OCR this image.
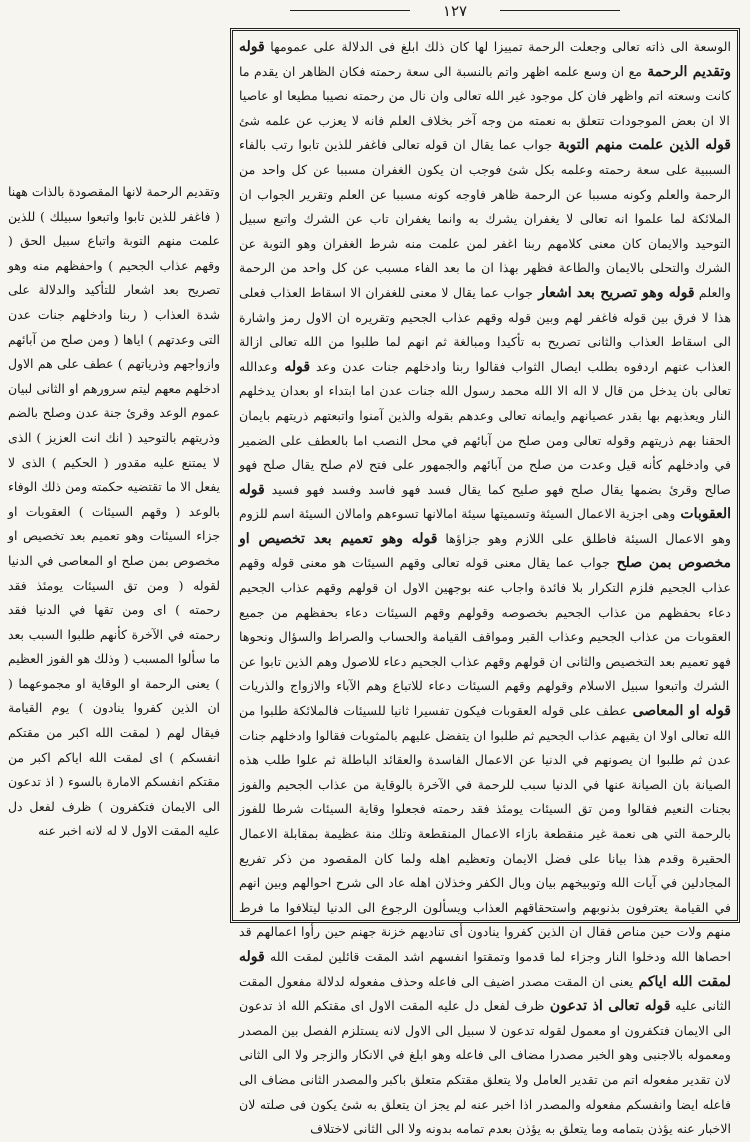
١٢٧

الوسعة الى ذاته تعالى وجعلت الرحمة تمييزا لها كان ذلك ابلغ فى الدلالة على عمومها قوله وتقديم الرحمة مع ان وسع علمه اظهر واتم بالنسبة الى سعة رحمته فكان الظاهر ان يقدم ما كانت وسعته اتم واظهر فان كل موجود غير الله تعالى وان نال من رحمته نصيبا مطيعا او عاصيا الا ان بعض الموجودات تتعلق به نعمته من وجه آخر بخلاف العلم فانه لا يعزب عن علمه شئ قوله الذين علمت منهم التوبة جواب عما يقال ان قوله تعالى فاغفر للذين تابوا رتب بالفاء السببية على سعة رحمته وعلمه بكل شئ فوجب ان يكون الغفران مسببا عن كل واحد من الرحمة والعلم وكونه مسببا عن الرحمة ظاهر فاوجه كونه مسببا عن العلم وتقرير الجواب ان الملائكة لما علموا انه تعالى لا يغفران يشرك به وانما يغفران تاب عن الشرك واتبع سبيل التوحيد والايمان كان معنى كلامهم ربنا اغفر لمن علمت منه شرط الغفران وهو التوبة عن الشرك والتحلى بالايمان والطاعة فظهر بهذا ان ما بعد الفاء مسبب عن كل واحد من الرحمة والعلم قوله وهو تصريح بعد اشعار جواب عما يقال لا معنى للغفران الا اسقاط العذاب فعلى هذا لا فرق بين قوله فاغفر لهم وبين قوله وقهم عذاب الجحيم وتقريره ان الاول رمز واشارة الى اسقاط العذاب والثانى تصريح به تأكيدا ومبالغة ثم انهم لما طلبوا من الله تعالى ازالة العذاب عنهم اردفوه بطلب ايصال الثواب فقالوا ربنا وادخلهم جنات عدن وعد قوله وعدالله تعالى بان يدخل من قال لا اله الا الله محمد رسول الله جنات عدن اما ابتداء او بعدان يدخلهم النار ويعذبهم بها بقدر عصيانهم وايمانه تعالى وعدهم بقوله والذين آمنوا واتبعتهم ذريتهم بايمان الحقنا بهم ذريتهم وقوله تعالى ومن صلح من آبائهم في محل النصب اما بالعطف على الضمير في وادخلهم كأنه قيل وعدت من صلح من آبائهم والجمهور على فتح لام صلح يقال صلح فهو صالح وقرئ بضمها يقال صلح فهو صليح كما يقال فسد فهو فاسد وفسد فهو فسيد قوله العقوبات وهى اجزية الاعمال السيئة وتسميتها سيئة امالانها تسوءهم وامالان السيئة اسم للزوم وهو الاعمال السيئة فاطلق على اللازم وهو جزاؤها قوله وهو تعميم بعد تخصيص او مخصوص بمن صلح جواب عما يقال معنى قوله تعالى وقهم السيئات هو معنى قوله وقهم عذاب الجحيم فلزم التكرار بلا فائدة واجاب عنه بوجهين الاول ان قولهم وقهم عذاب الجحيم دعاء بحفظهم من عذاب الجحيم بخصوصه وقولهم وقهم السيئات دعاء بحفظهم من جميع العقوبات من عذاب الجحيم وعذاب القبر ومواقف القيامة والحساب والصراط والسؤال ونحوها فهو تعميم بعد التخصيص والثانى ان قولهم وقهم عذاب الجحيم دعاء للاصول وهم الذين تابوا عن الشرك واتبعوا سبيل الاسلام وقولهم وقهم السيئات دعاء للاتباع وهم الآباء والازواج والذريات قوله او المعاصى عطف على قوله العقوبات فيكون تفسيرا ثانيا للسيئات فالملائكة طلبوا من الله تعالى اولا ان يقيهم عذاب الجحيم ثم طلبوا ان يتفضل عليهم بالمثوبات فقالوا وادخلهم جنات عدن ثم طلبوا ان يصونهم في الدنيا عن الاعمال الفاسدة والعقائد الباطلة ثم علوا طلب هذه الصيانة بان الصيانة عنها في الدنيا سبب للرحمة في الآخرة بالوقاية من عذاب الجحيم والفوز بجنات النعيم فقالوا ومن تق السيئات يومئذ فقد رحمته فجعلوا وقاية السيئات شرطا للفوز بالرحمة التي هى نعمة غير منقطعة بازاء الاعمال المنقطعة وتلك منة عظيمة بمقابلة الاعمال الحقيرة وقدم هذا بيانا على فضل الايمان وتعظيم اهله ولما كان المقصود من ذكر تفريع المجادلين في آيات الله وتوبيخهم بيان وبال الكفر وخذلان اهله عاد الى شرح احوالهم وبين انهم في القيامة يعترفون بذنوبهم واستحقاقهم العذاب ويسألون الرجوع الى الدنيا ليتلافوا ما فرط منهم ولات حين مناص فقال ان الذين كفروا ينادون أى تناديهم خزنة جهنم حين رأوا اعمالهم قد احصاها الله ودخلوا النار وجزاء لما قدموا وتمقتوا انفسهم اشد المقت قائلين لمقت الله قوله لمقت الله اياكم يعنى ان المقت مصدر اضيف الى فاعله وحذف مفعوله لدلالة مفعول المقت الثانى عليه قوله تعالى اذ تدعون ظرف لفعل دل عليه المقت الاول اى مقتكم الله اذ تدعون الى الايمان فتكفرون او معمول لقوله تدعون لا سبيل الى الاول لانه يستلزم الفصل بين المصدر ومعموله بالاجنبى وهو الخبر مصدرا مضاف الى فاعله وهو ابلغ في الانكار والزجر ولا الى الثانى لان تقدير مفعوله اتم من تقدير العامل ولا يتعلق مقتكم متعلق باكبر والمصدر الثانى مضاف الى فاعله ايضا وانفسكم مفعوله والمصدر اذا اخبر عنه لم يجز ان يتعلق به شئ يكون فى صلته لان الاخبار عنه يؤذن بتمامه وما يتعلق به يؤذن بعدم تمامه بدونه ولا الى الثانى لاختلاف

وتقديم الرحمة لانها المقصودة بالذات ههنا ( فاغفر للذين تابوا واتبعوا سبيلك ) للذين علمت منهم التوبة واتباع سبيل الحق ( وقهم عذاب الجحيم ) واحفظهم منه وهو تصريح بعد اشعار للتأكيد والدلالة على شدة العذاب ( ربنا وادخلهم جنات عدن التى وعدتهم ) اياها ( ومن صلح من آبائهم وازواجهم وذرياتهم ) عطف على هم الاول ادخلهم معهم ليتم سرورهم او الثانى لبيان عموم الوعد وقرئ جنة عدن وصلح بالضم وذريتهم بالتوحيد ( انك انت العزيز ) الذى لا يمتنع عليه مقدور ( الحكيم ) الذى لا يفعل الا ما تقتضيه حكمته ومن ذلك الوفاء بالوعد ( وقهم السيئات ) العقوبات او جزاء السيئات وهو تعميم بعد تخصيص او مخصوص بمن صلح او المعاصى في الدنيا لقوله ( ومن تق السيئات يومئذ فقد رحمته ) اى ومن تقها في الدنيا فقد رحمته في الآخرة كأنهم طلبوا السبب بعد ما سألوا المسبب ( وذلك هو الفوز العظيم ) يعنى الرحمة او الوقاية او مجموعهما ( ان الذين كفروا ينادون ) يوم القيامة فيقال لهم ( لمقت الله اكبر من مقتكم انفسكم ) اى لمقت الله اياكم اكبر من مقتكم انفسكم الامارة بالسوء ( اذ تدعون الى الايمان فتكفرون ) ظرف لفعل دل عليه المقت الاول لا له لانه اخبر عنه
